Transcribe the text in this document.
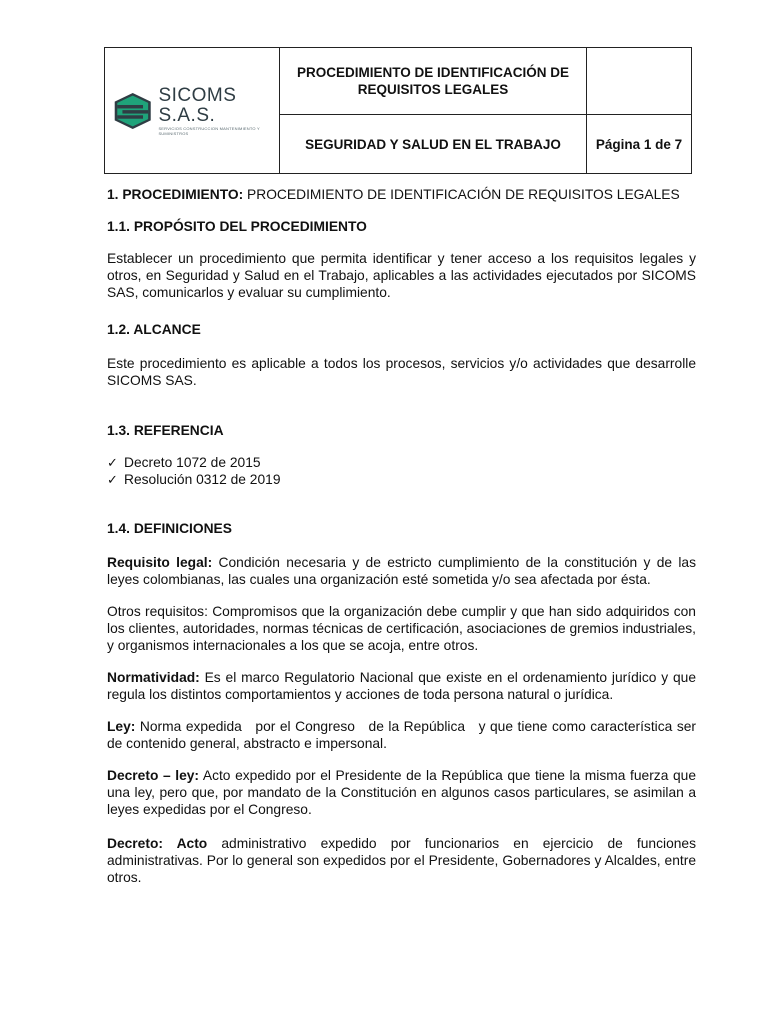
SICOMS S.A.S.
SERVICIOS CONSTRUCCION MANTENIMIENTO Y SUMINISTROS	PROCEDIMIENTO DE IDENTIFICACIÓN DE REQUISITOS LEGALES	
	SEGURIDAD Y SALUD EN EL TRABAJO	Página 1 de 7

1. PROCEDIMIENTO: PROCEDIMIENTO DE IDENTIFICACIÓN DE REQUISITOS LEGALES

1.1. PROPÓSITO DEL PROCEDIMIENTO

Establecer un procedimiento que permita identificar y tener acceso a los requisitos legales y otros, en Seguridad y Salud en el Trabajo, aplicables a las actividades ejecutados por SICOMS SAS, comunicarlos y evaluar su cumplimiento.

1.2. ALCANCE

Este procedimiento es aplicable a todos los procesos, servicios y/o actividades que desarrolle SICOMS SAS.

1.3. REFERENCIA

✓ Decreto 1072 de 2015
✓ Resolución 0312 de 2019

1.4. DEFINICIONES

Requisito legal: Condición necesaria y de estricto cumplimiento de la constitución y de las leyes colombianas, las cuales una organización esté sometida y/o sea afectada por ésta.

Otros requisitos: Compromisos que la organización debe cumplir y que han sido adquiridos con los clientes, autoridades, normas técnicas de certificación, asociaciones de gremios industriales, y organismos internacionales a los que se acoja, entre otros.

Normatividad: Es el marco Regulatorio Nacional que existe en el ordenamiento jurídico y que regula los distintos comportamientos y acciones de toda persona natural o jurídica.

Ley: Norma expedida   por el Congreso   de la República   y que tiene como característica ser de contenido general, abstracto e impersonal.

Decreto – ley: Acto expedido por el Presidente de la República que tiene la misma fuerza que una ley, pero que, por mandato de la Constitución en algunos casos particulares, se asimilan a leyes expedidas por el Congreso.

Decreto: Acto administrativo expedido por funcionarios en ejercicio de funciones administrativas. Por lo general son expedidos por el Presidente, Gobernadores y Alcaldes, entre otros.
